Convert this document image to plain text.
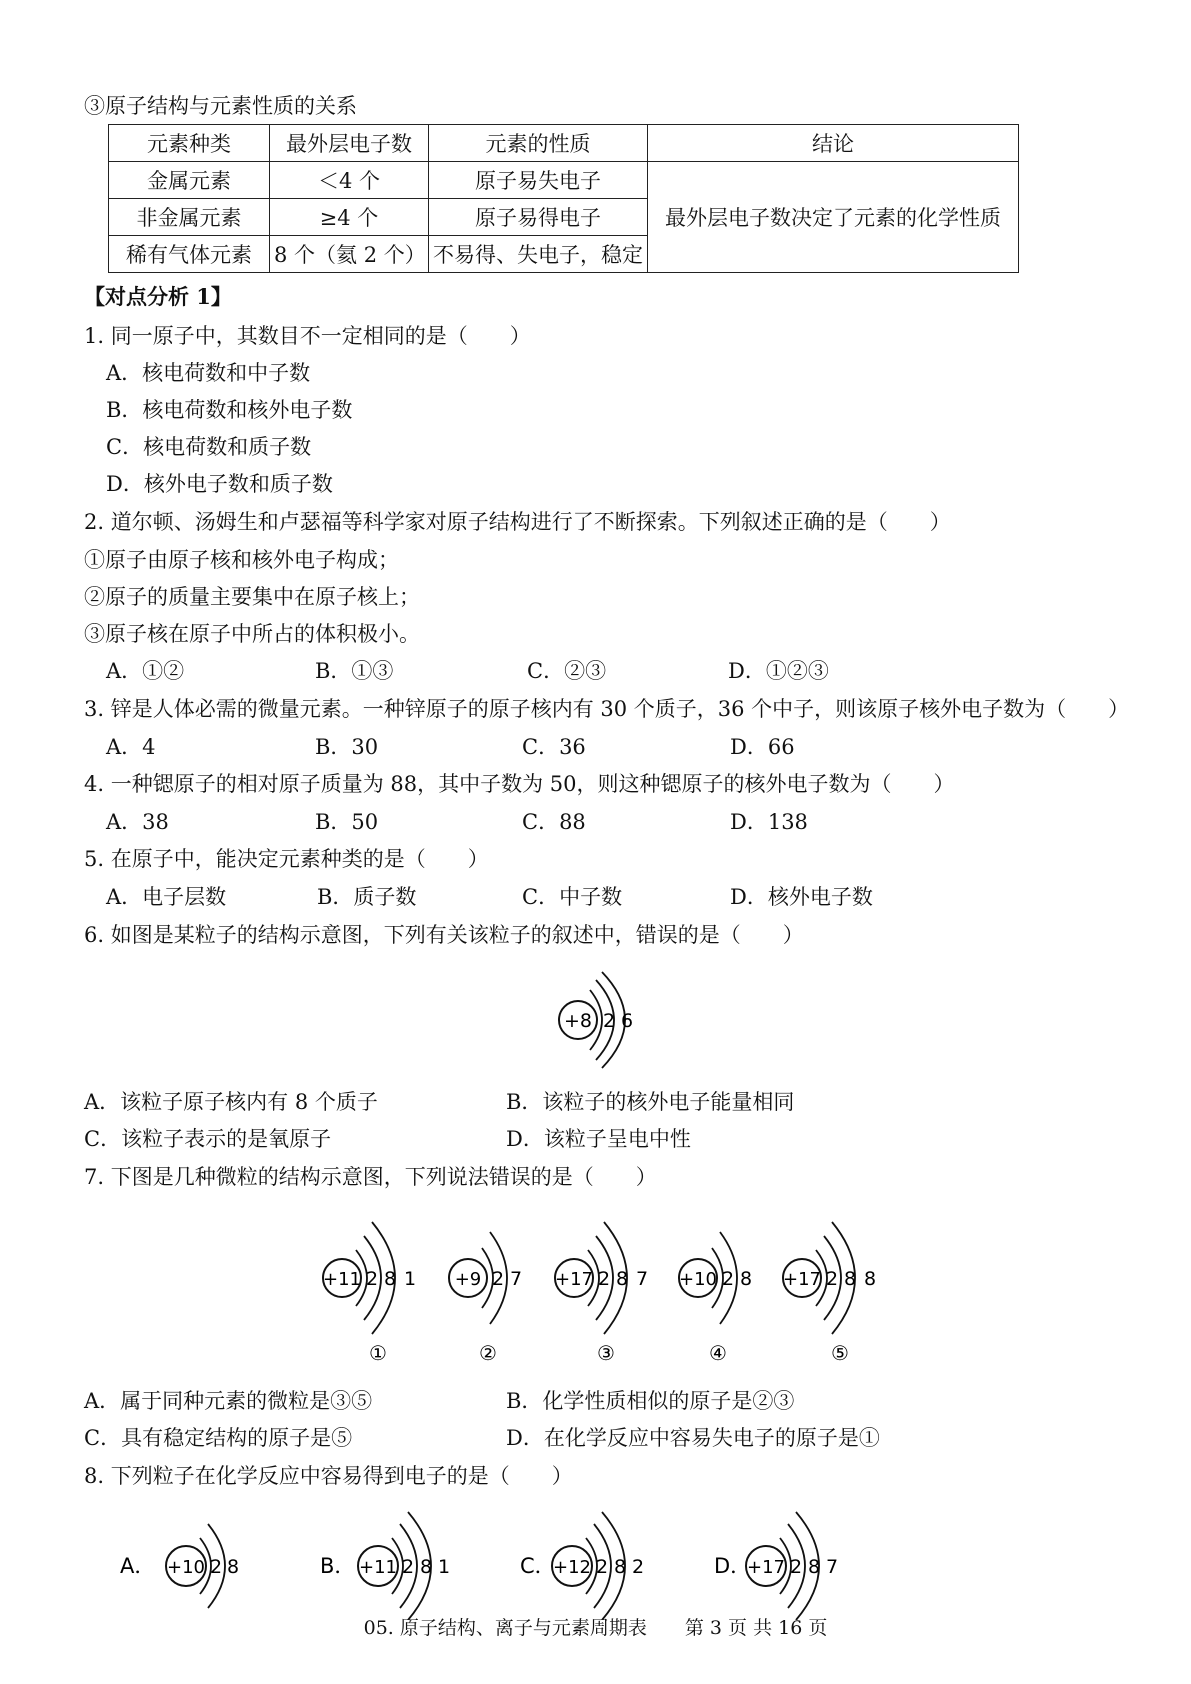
③原子结构与元素性质的关系
元素种类	最外层电子数	元素的性质	结论
金属元素	＜4 个	原子易失电子	最外层电子数决定了元素的化学性质
非金属元素	≥4 个	原子易得电子	
稀有气体元素	8 个（氦 2 个）	不易得、失电子，稳定	
【对点分析 1】
1. 同一原子中，其数目不一定相同的是（　　）
A．核电荷数和中子数
B．核电荷数和核外电子数
C．核电荷数和质子数
D．核外电子数和质子数
2. 道尔顿、汤姆生和卢瑟福等科学家对原子结构进行了不断探索。下列叙述正确的是（　　）
①原子由原子核和核外电子构成；
②原子的质量主要集中在原子核上；
③原子核在原子中所占的体积极小。
A．①②	B．①③	C．②③	D．①②③
3. 锌是人体必需的微量元素。一种锌原子的原子核内有 30 个质子，36 个中子，则该原子核外电子数为（　　）
A．4	B．30	C．36	D．66
4. 一种锶原子的相对原子质量为 88，其中子数为 50，则这种锶原子的核外电子数为（　　）
A．38	B．50	C．88	D．138
5. 在原子中，能决定元素种类的是（　　）
A．电子层数	B．质子数	C．中子数	D．核外电子数
6. 如图是某粒子的结构示意图，下列有关该粒子的叙述中，错误的是（　　）
+8 2 6
A．该粒子原子核内有 8 个质子	B．该粒子的核外电子能量相同
C．该粒子表示的是氧原子	D．该粒子呈电中性
7. 下图是几种微粒的结构示意图，下列说法错误的是（　　）
+11 2 8 1
①
+9 2 7
②
+17 2 8 7
③
+10 2 8
④
+17 2 8 8
⑤
A．属于同种元素的微粒是③⑤	B．化学性质相似的原子是②③
C．具有稳定结构的原子是⑤	D．在化学反应中容易失电子的原子是①
8. 下列粒子在化学反应中容易得到电子的是（　　）
A． +10 2 8	B． +11 2 8 1	C．
+12 2 8 2	D．
+17 2 8 7
05. 原子结构、离子与元素周期表　　第 3 页 共 16 页
